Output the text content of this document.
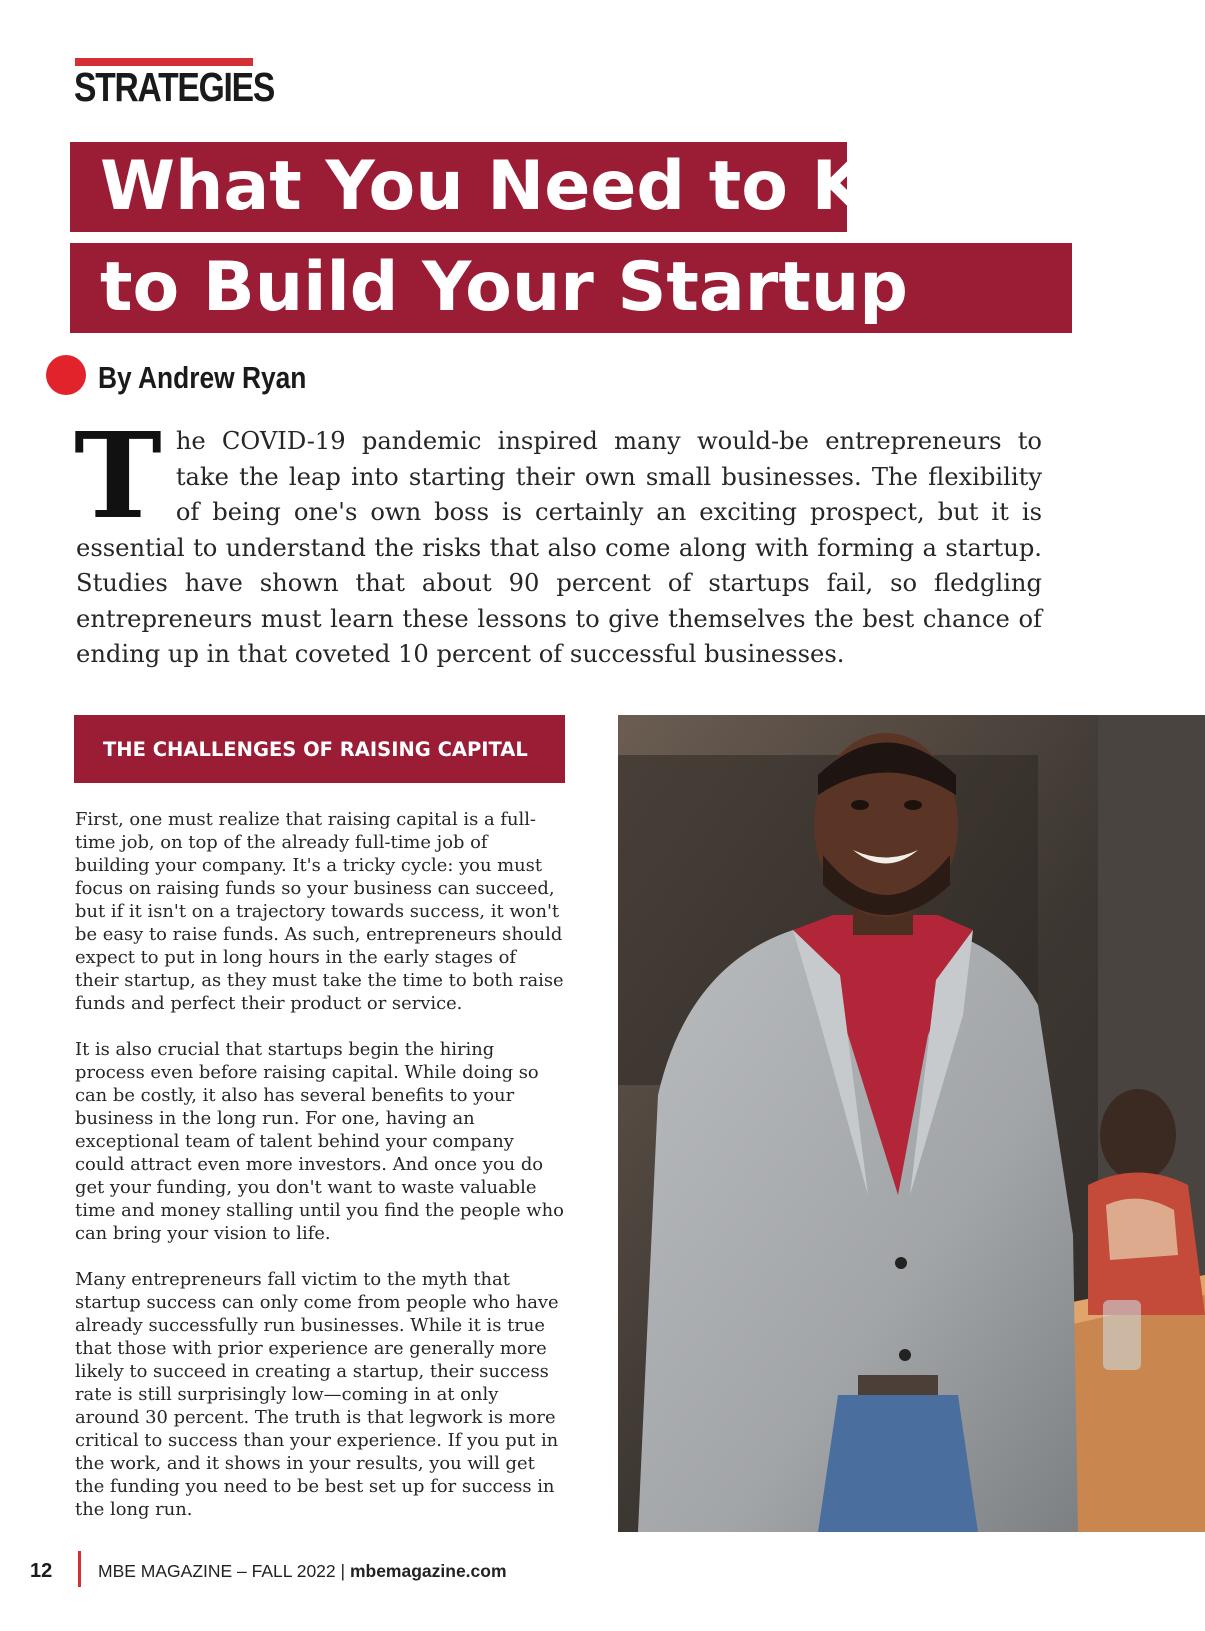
STRATEGIES
What You Need to Know
to Build Your Startup
By Andrew Ryan

The COVID-19 pandemic inspired many would-be entrepreneurs to take the leap into starting their own small businesses. The flexibility of being one's own boss is certainly an exciting prospect, but it is essential to understand the risks that also come along with forming a startup. Studies have shown that about 90 percent of startups fail, so fledgling entrepreneurs must learn these lessons to give themselves the best chance of ending up in that coveted 10 percent of successful businesses.

THE CHALLENGES OF RAISING CAPITAL

First, one must realize that raising capital is a full-time job, on top of the already full-time job of building your company. It's a tricky cycle: you must focus on raising funds so your business can succeed, but if it isn't on a trajectory towards success, it won't be easy to raise funds. As such, entrepreneurs should expect to put in long hours in the early stages of their startup, as they must take the time to both raise funds and perfect their product or service.

It is also crucial that startups begin the hiring process even before raising capital. While doing so can be costly, it also has several benefits to your business in the long run. For one, having an exceptional team of talent behind your company could attract even more investors. And once you do get your funding, you don't want to waste valuable time and money stalling until you find the people who can bring your vision to life.

Many entrepreneurs fall victim to the myth that startup success can only come from people who have already successfully run businesses. While it is true that those with prior experience are generally more likely to succeed in creating a startup, their success rate is still surprisingly low—coming in at only around 30 percent. The truth is that legwork is more critical to success than your experience. If you put in the work, and it shows in your results, you will get the funding you need to be best set up for success in the long run.

12	MBE MAGAZINE – FALL 2022 | mbemagazine.com
